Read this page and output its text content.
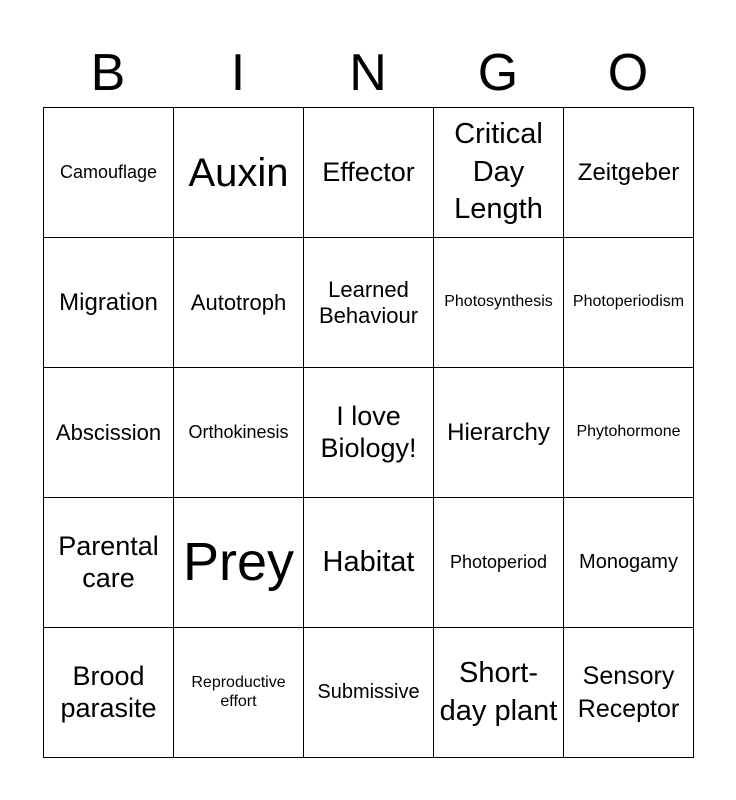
B	I	N	G	O
Camouflage Auxin	Effector
Critical Day Length
Zeitgeber
Migration	Autotroph
Learned Behaviour
Photosynthesis	Photoperiodism
Abscission	Orthokinesis
I love Biology!
Hierarchy	Phytohormone
Parental care Prey Habitat	Photoperiod	Monogamy
Brood parasite
Reproductive effort	Submissive
Short-day plant
Sensory Receptor
